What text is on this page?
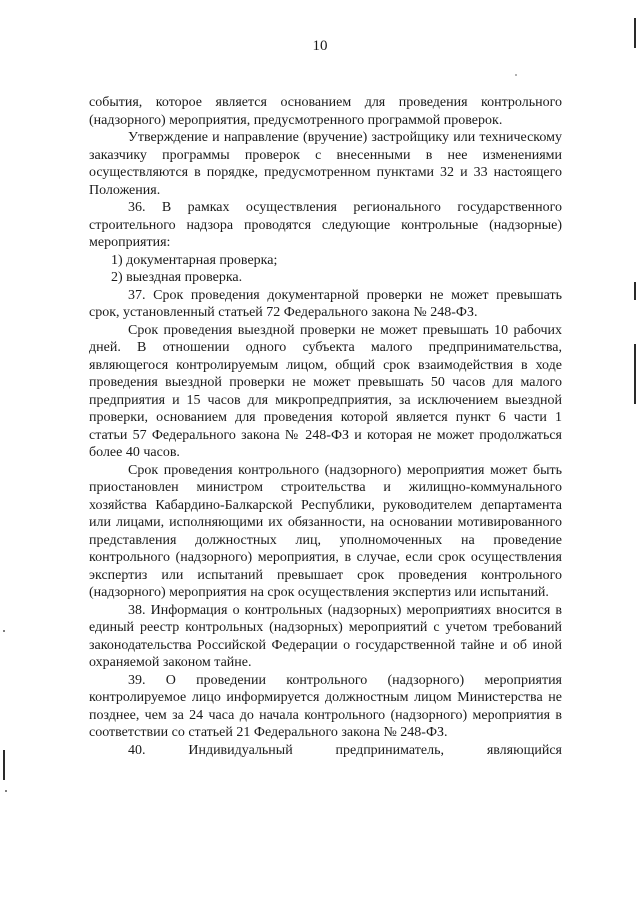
10

события, которое является основанием для проведения контрольного (надзорного) мероприятия, предусмотренного программой проверок.

Утверждение и направление (вручение) застройщику или техническому заказчику программы проверок с внесенными в нее изменениями осуществляются в порядке, предусмотренном пунктами 32 и 33 настоящего Положения.

36. В рамках осуществления регионального государственного строительного надзора проводятся следующие контрольные (надзорные) мероприятия:

1) документарная проверка;

2) выездная проверка.

37. Срок проведения документарной проверки не может превышать срок, установленный статьей 72 Федерального закона № 248-ФЗ.

Срок проведения выездной проверки не может превышать 10 рабочих дней. В отношении одного субъекта малого предпринимательства, являющегося контролируемым лицом, общий срок взаимодействия в ходе проведения выездной проверки не может превышать 50 часов для малого предприятия и 15 часов для микропредприятия, за исключением выездной проверки, основанием для проведения которой является пункт 6 части 1 статьи 57 Федерального закона № 248-ФЗ и которая не может продолжаться более 40 часов.

Срок проведения контрольного (надзорного) мероприятия может быть приостановлен министром строительства и жилищно-коммунального хозяйства Кабардино-Балкарской Республики, руководителем департамента или лицами, исполняющими их обязанности, на основании мотивированного представления должностных лиц, уполномоченных на проведение контрольного (надзорного) мероприятия, в случае, если срок осуществления экспертиз или испытаний превышает срок проведения контрольного (надзорного) мероприятия на срок осуществления экспертиз или испытаний.

38. Информация о контрольных (надзорных) мероприятиях вносится в единый реестр контрольных (надзорных) мероприятий с учетом требований законодательства Российской Федерации о государственной тайне и об иной охраняемой законом тайне.

39. О проведении контрольного (надзорного) мероприятия контролируемое лицо информируется должностным лицом Министерства не позднее, чем за 24 часа до начала контрольного (надзорного) мероприятия в соответствии со статьей 21 Федерального закона № 248-ФЗ.

40. Индивидуальный предприниматель, являющийся
